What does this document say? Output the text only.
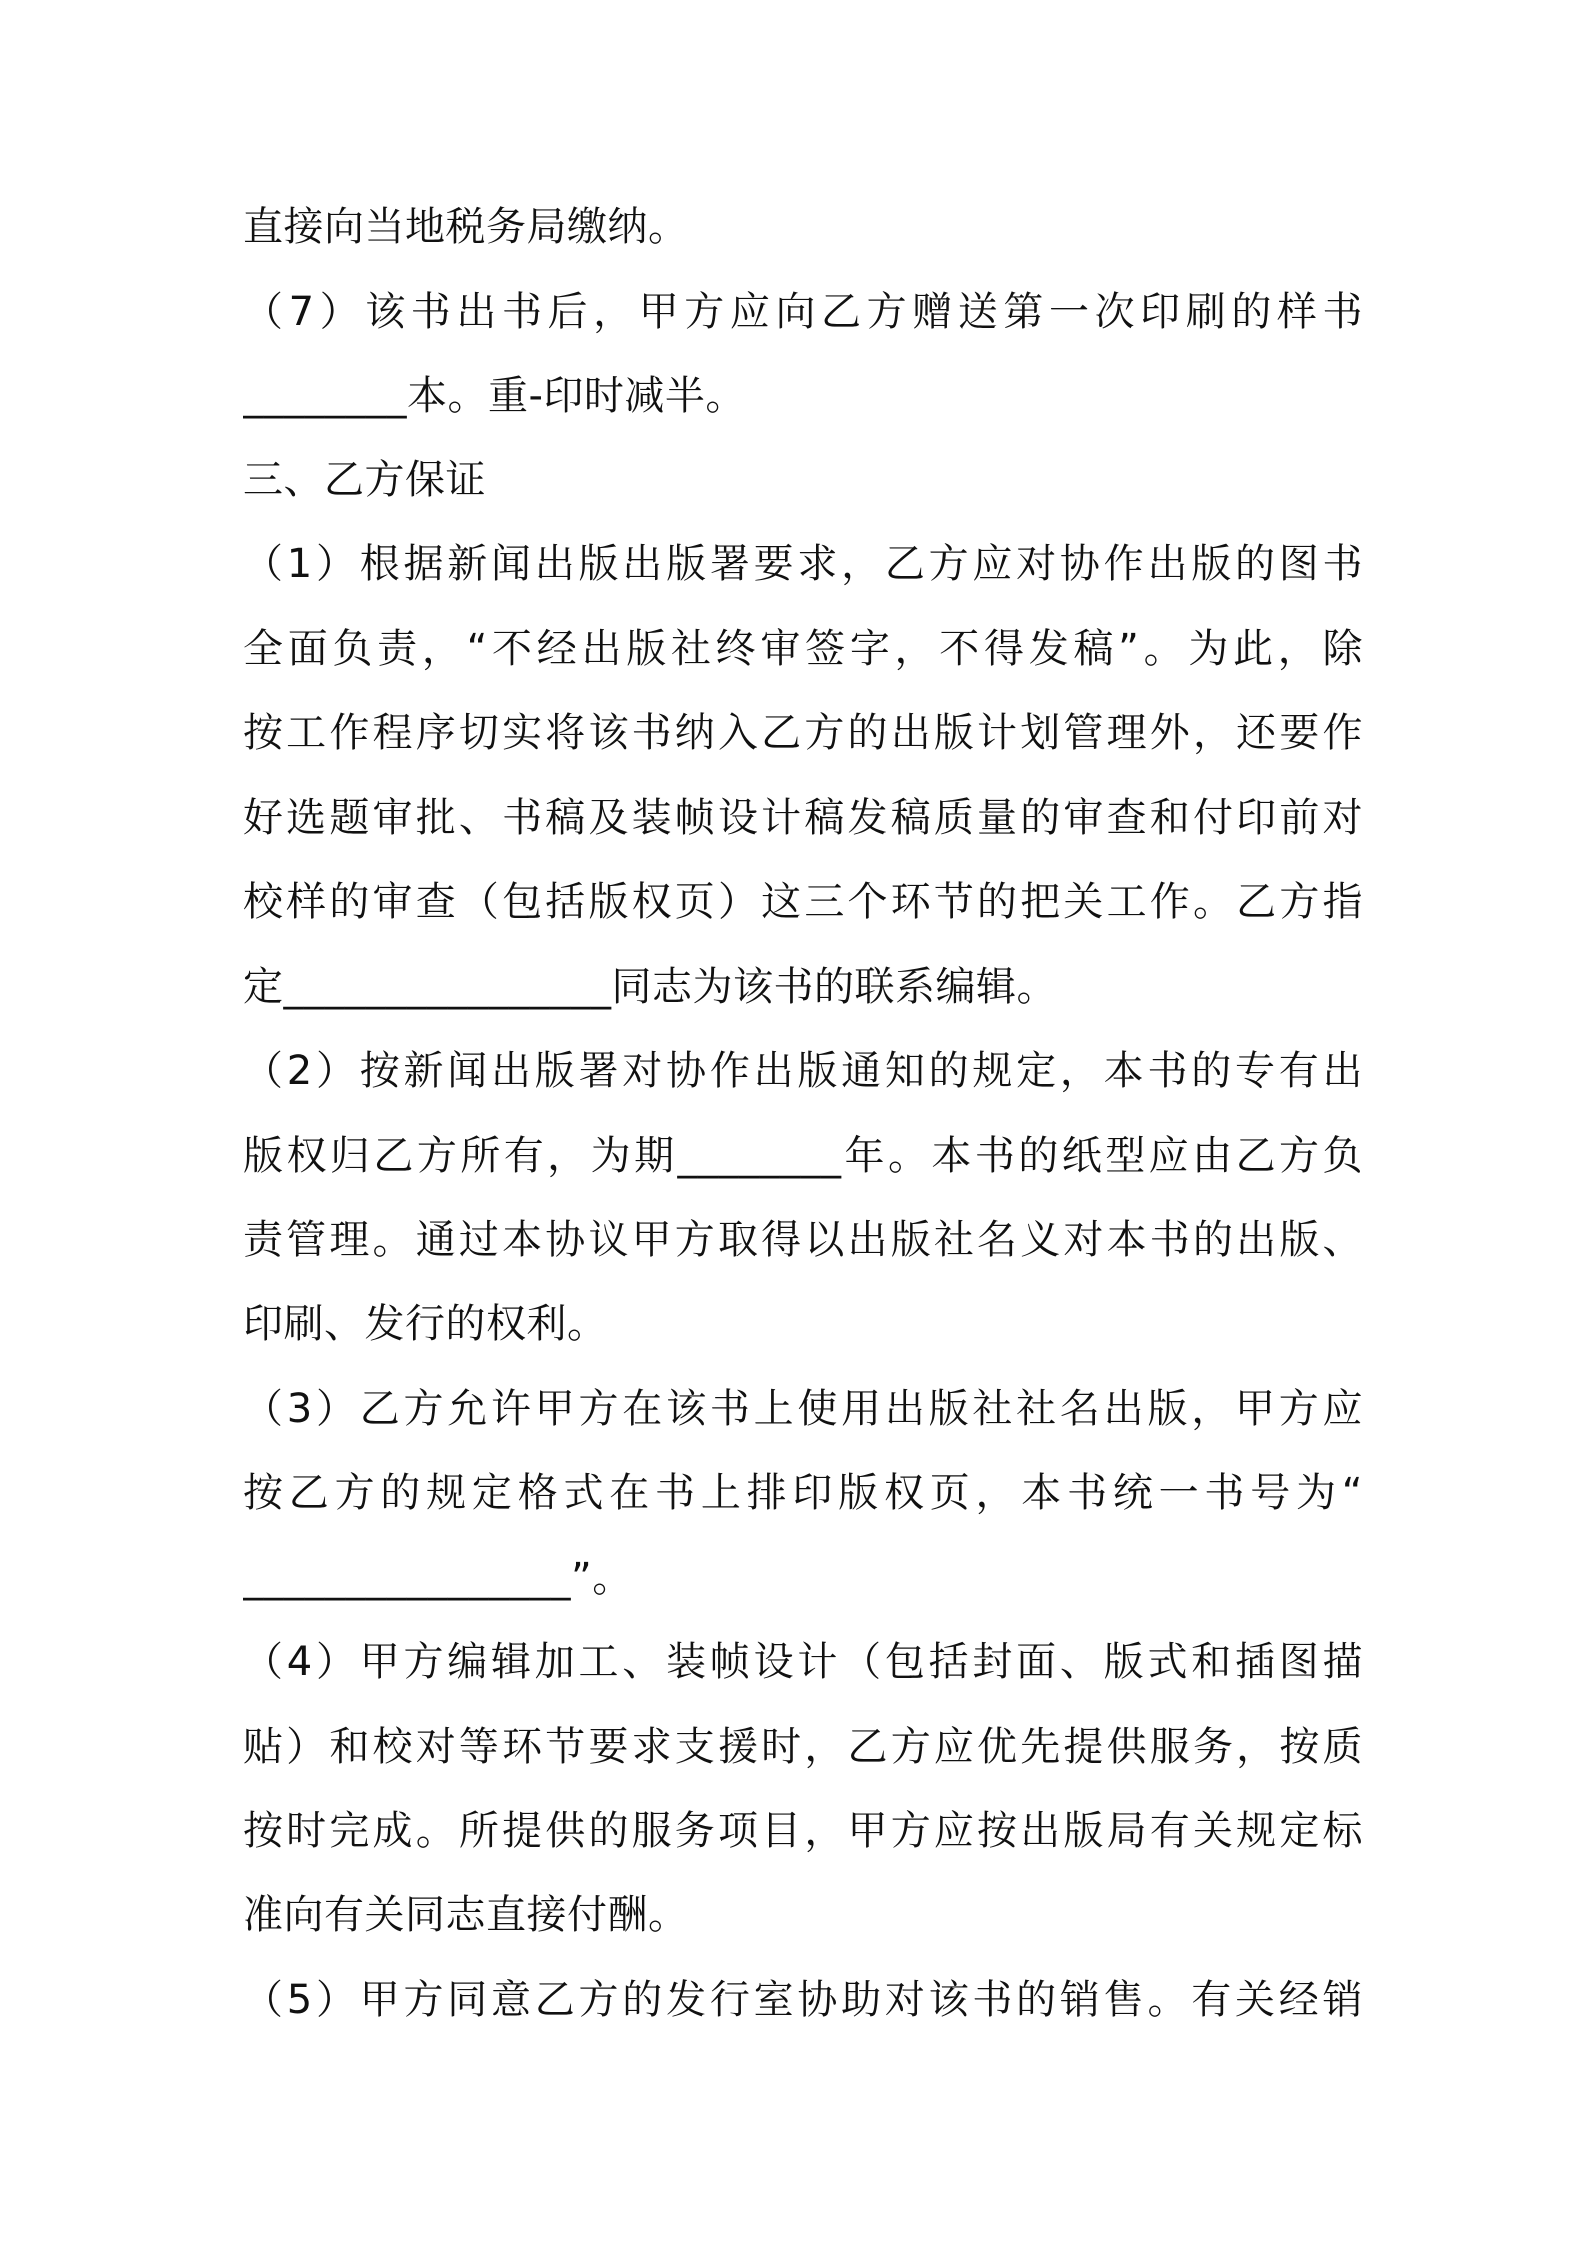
直接向当地税务局缴纳。
（7）该书出书后，甲方应向乙方赠送第一次印刷的样书
________本。重-印时减半。
三、乙方保证
（1）根据新闻出版出版署要求，乙方应对协作出版的图书
全面负责，“不经出版社终审签字，不得发稿”。为此，除
按工作程序切实将该书纳入乙方的出版计划管理外，还要作
好选题审批、书稿及装帧设计稿发稿质量的审查和付印前对
校样的审查（包括版权页）这三个环节的把关工作。乙方指
定________________同志为该书的联系编辑。
（2）按新闻出版署对协作出版通知的规定，本书的专有出
版权归乙方所有，为期________年。本书的纸型应由乙方负
责管理。通过本协议甲方取得以出版社名义对本书的出版、
印刷、发行的权利。
（3）乙方允许甲方在该书上使用出版社社名出版，甲方应
按乙方的规定格式在书上排印版权页，本书统一书号为“
________________”。
（4）甲方编辑加工、装帧设计（包括封面、版式和插图描
贴）和校对等环节要求支援时，乙方应优先提供服务，按质
按时完成。所提供的服务项目，甲方应按出版局有关规定标
准向有关同志直接付酬。
（5）甲方同意乙方的发行室协助对该书的销售。有关经销
